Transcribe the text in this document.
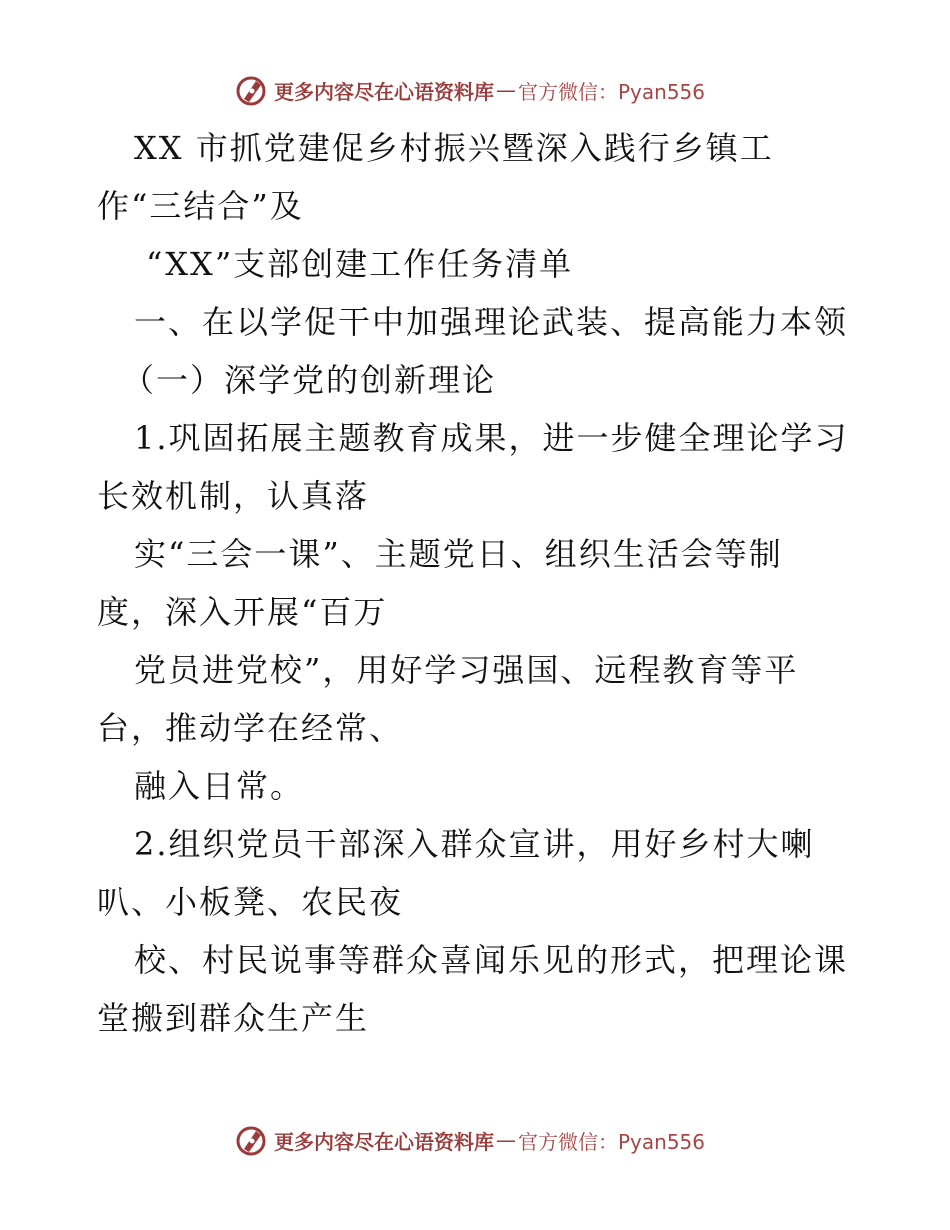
更多内容尽在心语资料库 — 官方微信：Pyan556
XX 市抓党建促乡村振兴暨深入践行乡镇工
作“三结合”及
“XX”支部创建工作任务清单
一、在以学促干中加强理论武装、提高能力本领
（一）深学党的创新理论
1.巩固拓展主题教育成果，进一步健全理论学习
长效机制，认真落
实“三会一课”、主题党日、组织生活会等制
度，深入开展“百万
党员进党校”，用好学习强国、远程教育等平
台，推动学在经常、
融入日常。
2.组织党员干部深入群众宣讲，用好乡村大喇
叭、小板凳、农民夜
校、村民说事等群众喜闻乐见的形式，把理论课
堂搬到群众生产生
更多内容尽在心语资料库 — 官方微信：Pyan556
